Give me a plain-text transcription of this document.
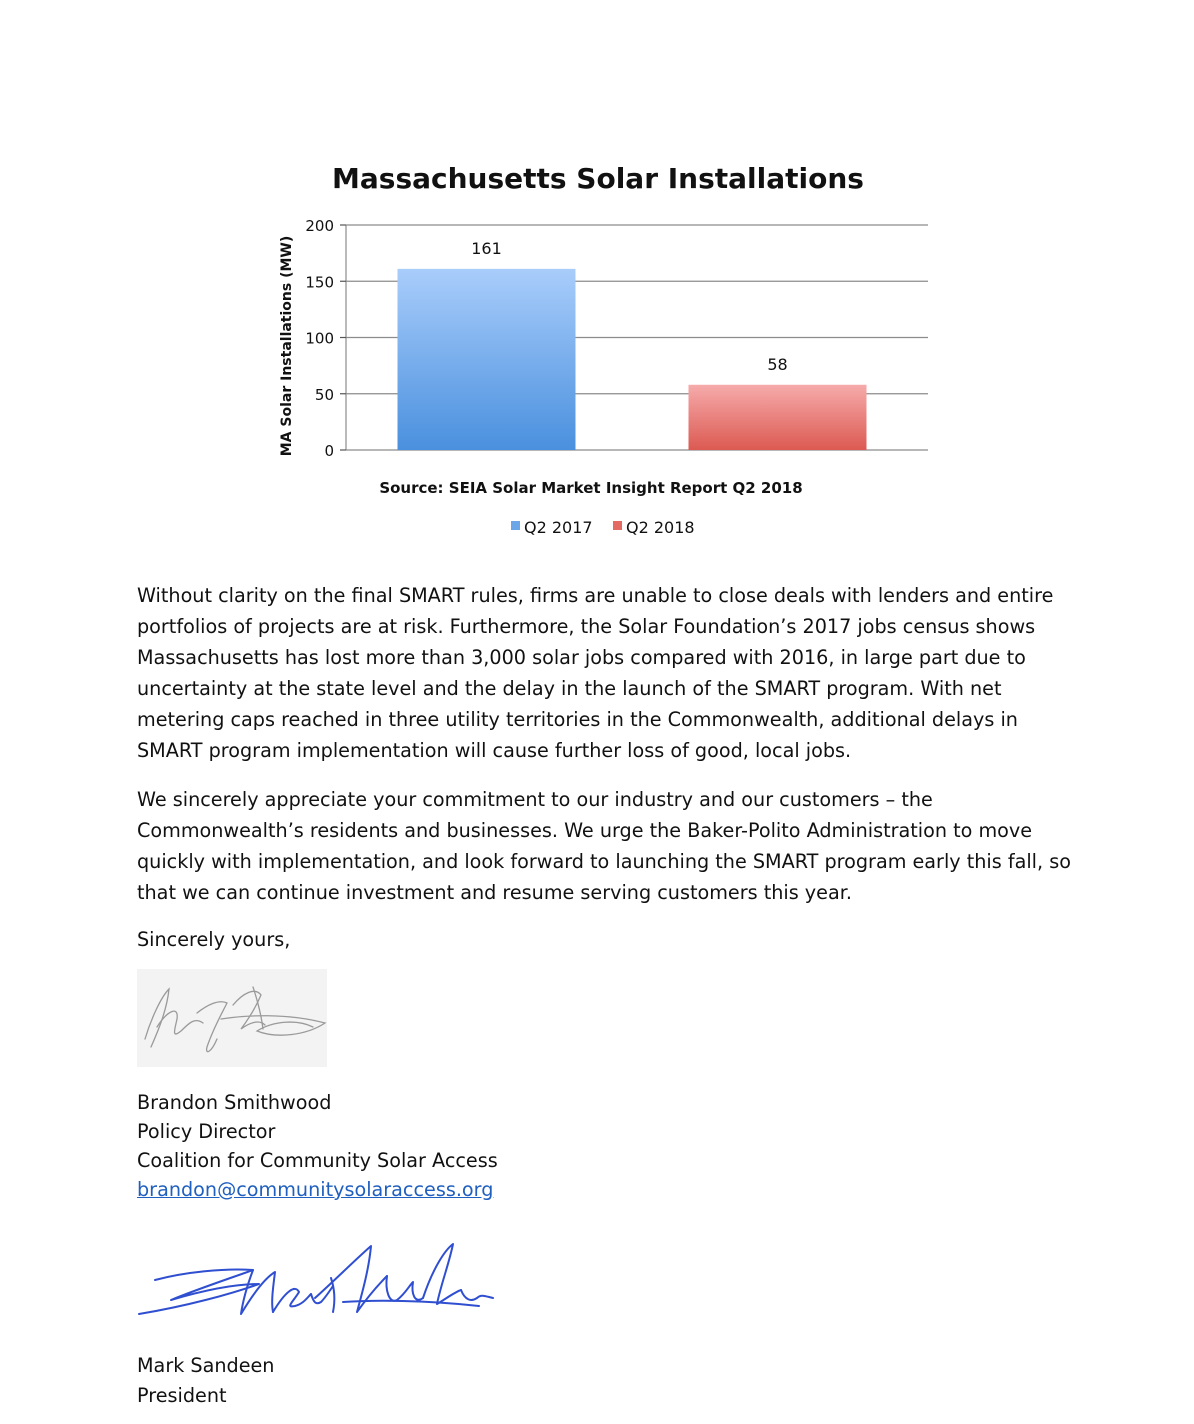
Massachusetts Solar Installations
MA Solar Installations (MW) 0
50
100
150
200
161
58
Source: SEIA Solar Market Insight Report Q2 2018
Q2 2017 Q2 2018

Without clarity on the final SMART rules, firms are unable to close deals with lenders and entire portfolios of projects are at risk. Furthermore, the Solar Foundation’s 2017 jobs census shows Massachusetts has lost more than 3,000 solar jobs compared with 2016, in large part due to uncertainty at the state level and the delay in the launch of the SMART program. With net metering caps reached in three utility territories in the Commonwealth, additional delays in SMART program implementation will cause further loss of good, local jobs.

We sincerely appreciate your commitment to our industry and our customers – the Commonwealth’s residents and businesses. We urge the Baker-Polito Administration to move quickly with implementation, and look forward to launching the SMART program early this fall, so that we can continue investment and resume serving customers this year.

Sincerely yours,

Brandon Smithwood
Policy Director
Coalition for Community Solar Access
brandon@communitysolaraccess.org
Mark Sandeen
President
